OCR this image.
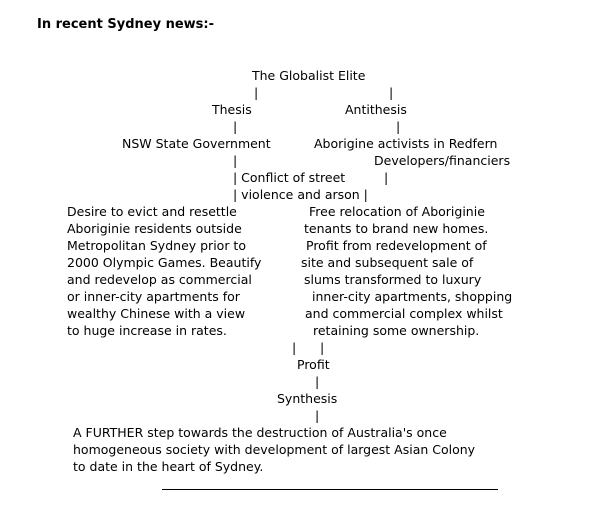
In recent Sydney news:-
The Globalist Elite
|	|
Thesis	Antithesis
|	|
NSW State Government	Aborigine activists in Redfern
|	Developers/financiers
| Conflict of street	|
| violence and arson |
Desire to evict and resettle
Aboriginie residents outside
Metropolitan Sydney prior to
2000 Olympic Games. Beautify
and redevelop as commercial
or inner-city apartments for
wealthy Chinese with a view
to huge increase in rates.
Free relocation of Aboriginie
tenants to brand new homes.
Profit from redevelopment of
site and subsequent sale of
slums transformed to luxury
inner-city apartments, shopping
and commercial complex whilst
retaining some ownership.
|      |
Profit
|
Synthesis
|
A FURTHER step towards the destruction of Australia's once
homogeneous society with development of largest Asian Colony
to date in the heart of Sydney.
